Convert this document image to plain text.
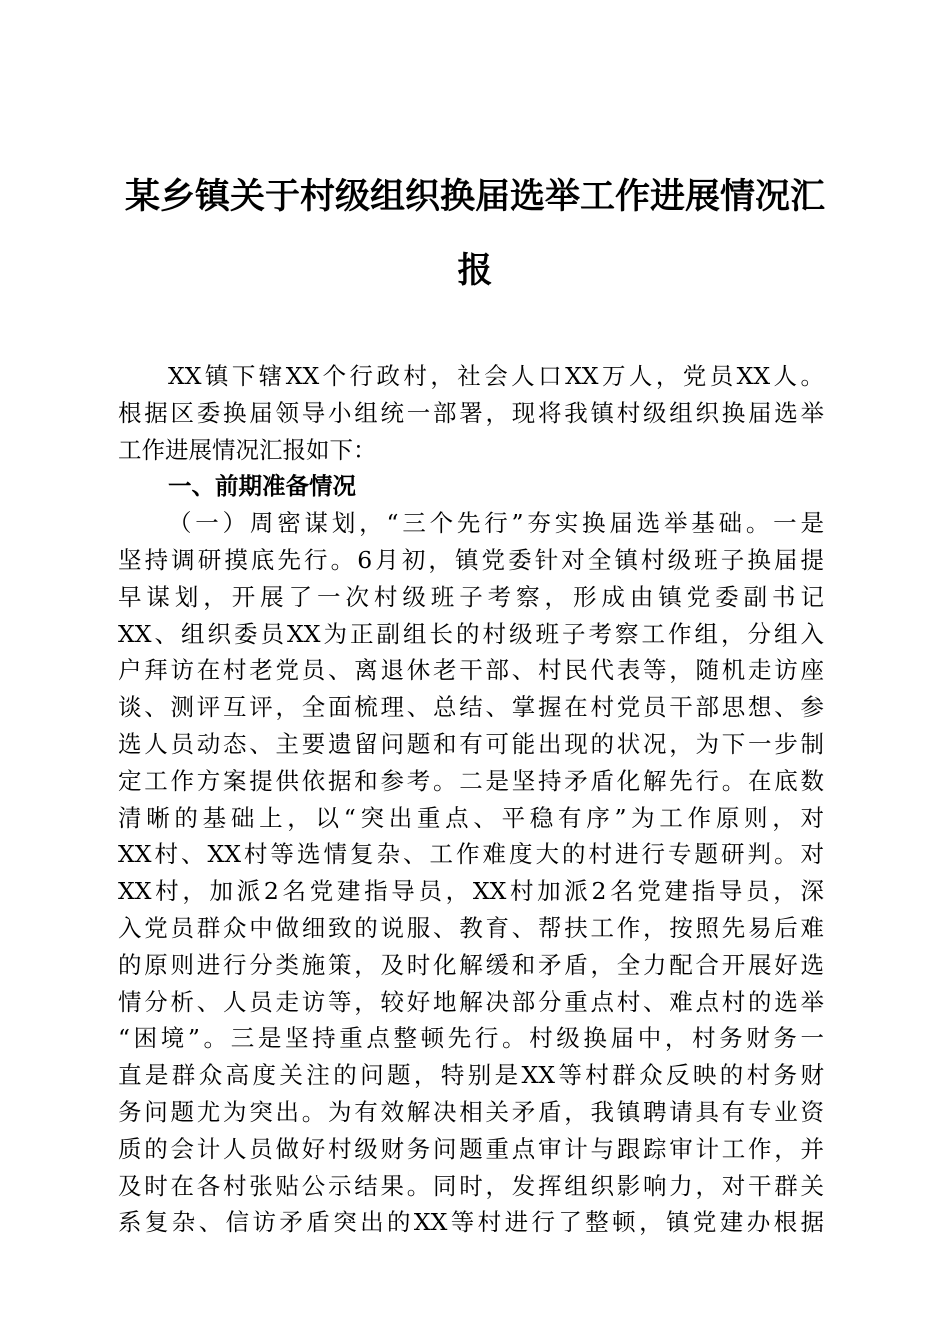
某乡镇关于村级组织换届选举工作进展情况汇
报
XX镇下辖XX个行政村，社会人口XX万人，党员XX人。
根据区委换届领导小组统一部署，现将我镇村级组织换届选举
工作进展情况汇报如下：
一、前期准备情况
（一）周密谋划，“三个先行”夯实换届选举基础。一是
坚持调研摸底先行。6月初，镇党委针对全镇村级班子换届提
早谋划，开展了一次村级班子考察，形成由镇党委副书记
XX、组织委员XX为正副组长的村级班子考察工作组，分组入
户拜访在村老党员、离退休老干部、村民代表等，随机走访座
谈、测评互评，全面梳理、总结、掌握在村党员干部思想、参
选人员动态、主要遗留问题和有可能出现的状况，为下一步制
定工作方案提供依据和参考。二是坚持矛盾化解先行。在底数
清晰的基础上，以“突出重点、平稳有序”为工作原则，对
XX村、XX村等选情复杂、工作难度大的村进行专题研判。对
XX村，加派2名党建指导员，XX村加派2名党建指导员，深
入党员群众中做细致的说服、教育、帮扶工作，按照先易后难
的原则进行分类施策，及时化解缓和矛盾，全力配合开展好选
情分析、人员走访等，较好地解决部分重点村、难点村的选举
“困境”。三是坚持重点整顿先行。村级换届中，村务财务一
直是群众高度关注的问题，特别是XX等村群众反映的村务财
务问题尤为突出。为有效解决相关矛盾，我镇聘请具有专业资
质的会计人员做好村级财务问题重点审计与跟踪审计工作，并
及时在各村张贴公示结果。同时，发挥组织影响力，对干群关
系复杂、信访矛盾突出的XX等村进行了整顿，镇党建办根据
